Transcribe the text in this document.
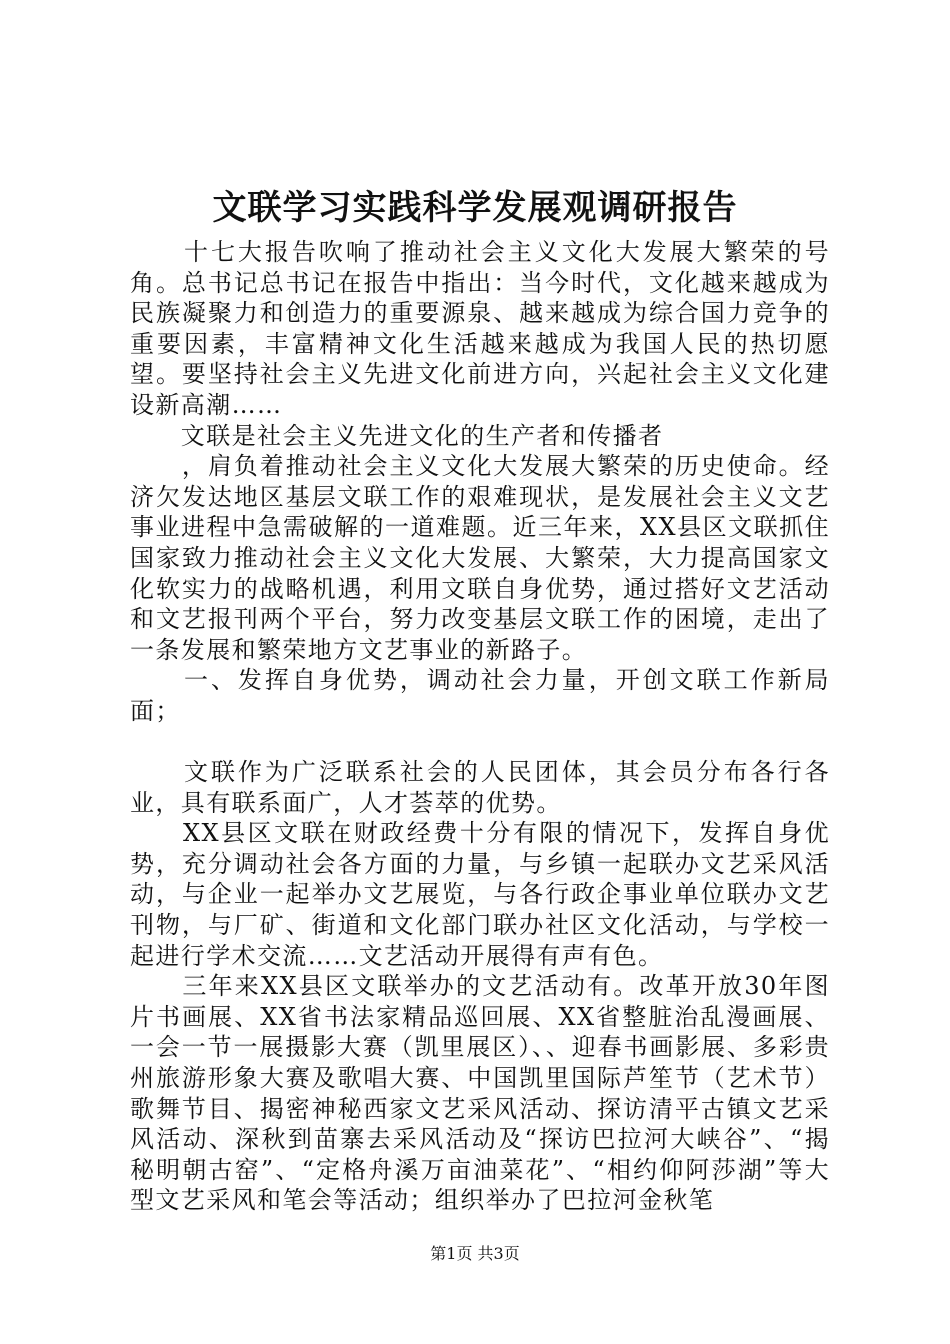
文联学习实践科学发展观调研报告

　　十七大报告吹响了推动社会主义文化大发展大繁荣的号角。总书记总书记在报告中指出：当今时代，文化越来越成为民族凝聚力和创造力的重要源泉、越来越成为综合国力竞争的重要因素，丰富精神文化生活越来越成为我国人民的热切愿望。要坚持社会主义先进文化前进方向，兴起社会主义文化建设新高潮……

　　文联是社会主义先进文化的生产者和传播者

　　，肩负着推动社会主义文化大发展大繁荣的历史使命。经济欠发达地区基层文联工作的艰难现状，是发展社会主义文艺事业进程中急需破解的一道难题。近三年来，XX县区文联抓住国家致力推动社会主义文化大发展、大繁荣，大力提高国家文化软实力的战略机遇，利用文联自身优势，通过搭好文艺活动和文艺报刊两个平台，努力改变基层文联工作的困境，走出了一条发展和繁荣地方文艺事业的新路子。

　　一、发挥自身优势，调动社会力量，开创文联工作新局面；

　　文联作为广泛联系社会的人民团体，其会员分布各行各业，具有联系面广，人才荟萃的优势。

　　XX县区文联在财政经费十分有限的情况下，发挥自身优势，充分调动社会各方面的力量，与乡镇一起联办文艺采风活动，与企业一起举办文艺展览，与各行政企事业单位联办文艺刊物，与厂矿、街道和文化部门联办社区文化活动，与学校一起进行学术交流……文艺活动开展得有声有色。

　　三年来XX县区文联举办的文艺活动有。改革开放30年图片书画展、XX省书法家精品巡回展、XX省整脏治乱漫画展、一会一节一展摄影大赛（凯里展区）、、迎春书画影展、多彩贵州旅游形象大赛及歌唱大赛、中国凯里国际芦笙节（艺术节）歌舞节目、揭密神秘西家文艺采风活动、探访清平古镇文艺采风活动、深秋到苗寨去采风活动及“探访巴拉河大峡谷”、“揭秘明朝古窑”、“定格舟溪万亩油菜花”、“相约仰阿莎湖”等大型文艺采风和笔会等活动；组织举办了巴拉河金秋笔

第1页 共3页
